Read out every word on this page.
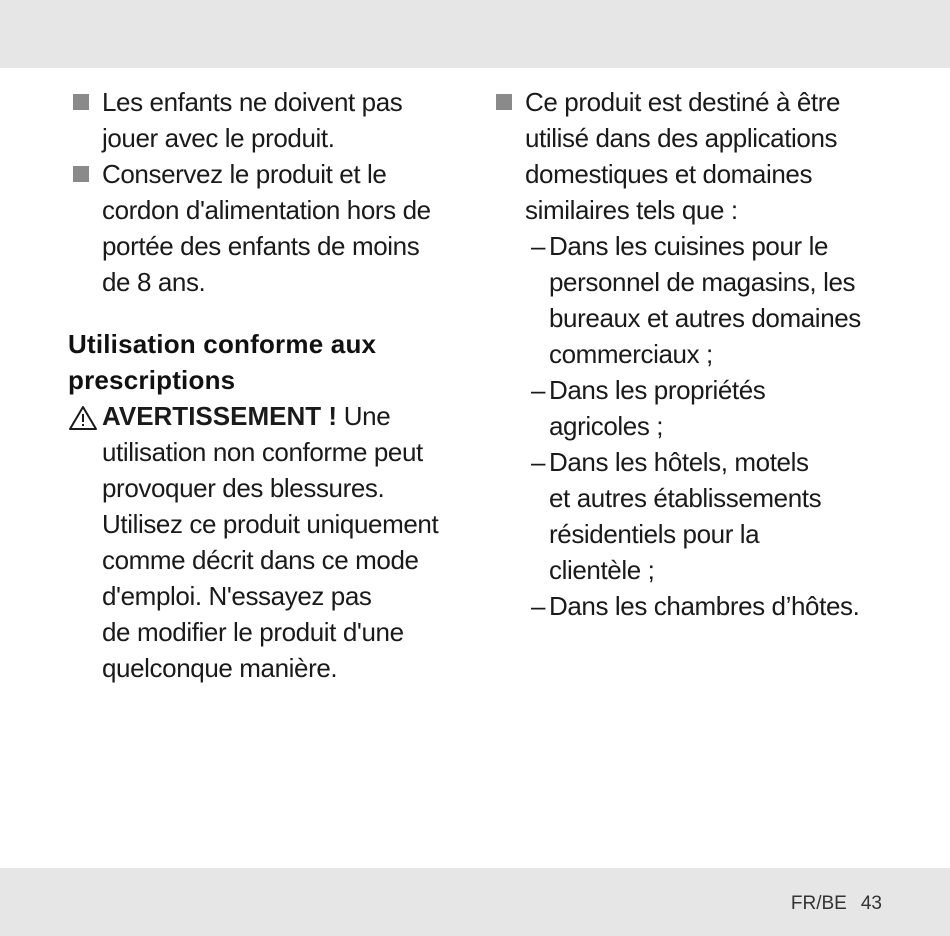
Les enfants ne doivent pas
jouer avec le produit.
Conservez le produit et le
cordon d'alimentation hors de
portée des enfants de moins
de 8 ans.
Utilisation conforme aux
prescriptions
AVERTISSEMENT ! Une
utilisation non conforme peut
provoquer des blessures.
Utilisez ce produit uniquement
comme décrit dans ce mode
d'emploi. N'essayez pas
de modifier le produit d'une
quelconque manière.
Ce produit est destiné à être
utilisé dans des applications
domestiques et domaines
similaires tels que :
– Dans les cuisines pour le
personnel de magasins, les
bureaux et autres domaines
commerciaux ;
– Dans les propriétés
agricoles ;
– Dans les hôtels, motels
et autres établissements
résidentiels pour la
clientèle ;
– Dans les chambres d’hôtes.
FR/BE 43
